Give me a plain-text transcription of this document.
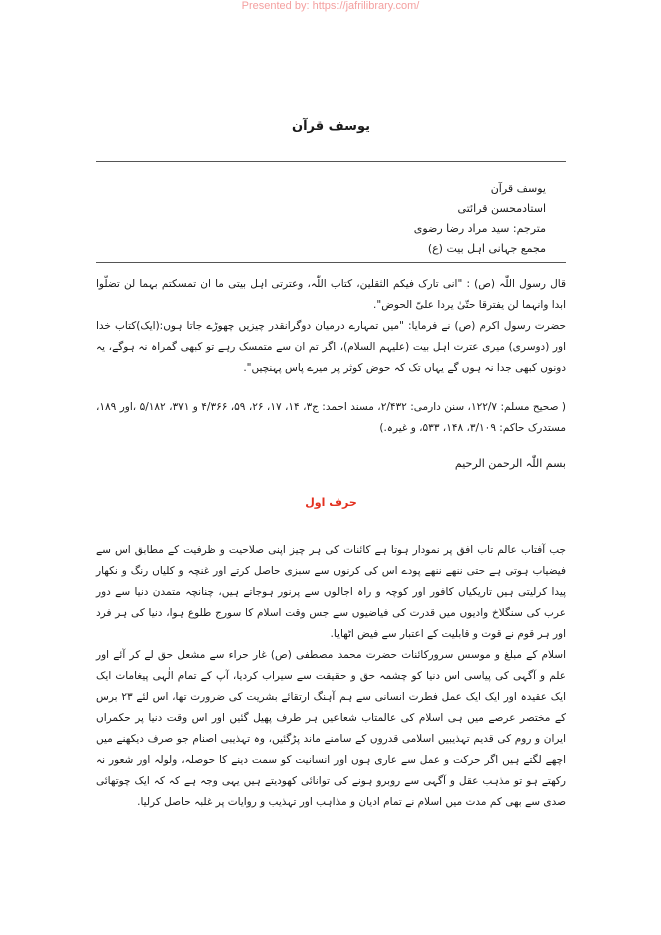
Presented by: https://jafrilibrary.com/
یوسف قرآن

یوسف قرآن

استادمحسن قرائتی

مترجم: سید مراد رضا رضوی

مجمع جہانی اہل بیت (ع)

قال رسول اللّٰہ (ص) : "انی تارک فیکم الثقلین، کتاب اللّٰہ، وعترتی اہل بیتی ما ان تمسکتم بہما لن تضلّوا ابدا وانہما لن یفترقا حتّیٰ یردا علیّ الحوض".

حضرت رسول اکرم (ص) نے فرمایا: "میں تمہارے درمیان دوگرانقدر چیزیں چھوڑے جاتا ہوں:(ایک)کتاب خدا اور (دوسری) میری عترت اہل بیت (علیہم السلام)، اگر تم ان سے متمسک رہے تو کبھی گمراہ نہ ہوگے، یہ دونوں کبھی جدا نہ ہوں گے یہاں تک کہ حوض کوثر پر میرے پاس پہنچیں".

( صحیح مسلم: ۱۲۲/۷، سنن دارمی: ۲/۴۳۲، مسند احمد: ج۳، ۱۴، ۱۷، ۲۶، ۵۹، ۴/۳۶۶ و ۳۷۱، ۵/۱۸۲ ،اور ۱۸۹، مستدرک حاکم: ۳/۱۰۹، ۱۴۸، ۵۳۳، و غیرہ.)
بسم اللّٰہ الرحمن الرحیم
حرف اول

جب آفتاب عالم تاب افق پر نمودار ہوتا ہے کائنات کی ہر چیز اپنی صلاحیت و ظرفیت کے مطابق اس سے فیضیاب ہوتی ہے حتی ننھے ننھے پودے اس کی کرنوں سے سبزی حاصل کرتے اور غنچہ و کلیاں رنگ و نکھار پیدا کرلیتی ہیں تاریکیاں کافور اور کوچہ و راہ اجالوں سے پرنور ہوجاتے ہیں، چنانچہ متمدن دنیا سے دور عرب کی سنگلاخ وادیوں میں قدرت کی فیاضیوں سے جس وقت اسلام کا سورج طلوع ہوا، دنیا کی ہر فرد اور ہر قوم نے قوت و قابلیت کے اعتبار سے فیض اٹھایا.

اسلام کے مبلغ و موسس سرورکائنات حضرت محمد مصطفی (ص) غار حراء سے مشعل حق لے کر آئے اور علم و آگہی کی پیاسی اس دنیا کو چشمہ حق و حقیقت سے سیراب کردیا، آپ کے تمام الٰہی پیغامات ایک ایک عقیدہ اور ایک ایک عمل فطرت انسانی سے ہم آہنگ ارتقائے بشریت کی ضرورت تھا، اس لئے ۲۳ برس کے مختصر عرصے میں ہی اسلام کی عالمتاب شعاعیں ہر طرف پھیل گئیں اور اس وقت دنیا پر حکمراں ایران و روم کی قدیم تہذیبیں اسلامی قدروں کے سامنے ماند پڑگئیں، وہ تہذیبی اصنام جو صرف دیکھنے میں اچھے لگتے ہیں اگر حرکت و عمل سے عاری ہوں اور انسانیت کو سمت دینے کا حوصلہ، ولولہ اور شعور نہ رکھتے ہو تو مذہب عقل و آگہی سے روبرو ہونے کی توانائی کھودیتے ہیں یہی وجہ ہے کہ کہ ایک چوتھائی صدی سے بھی کم مدت میں اسلام نے تمام ادیان و مذاہب اور تہذیب و روایات پر غلبہ حاصل کرلیا.
